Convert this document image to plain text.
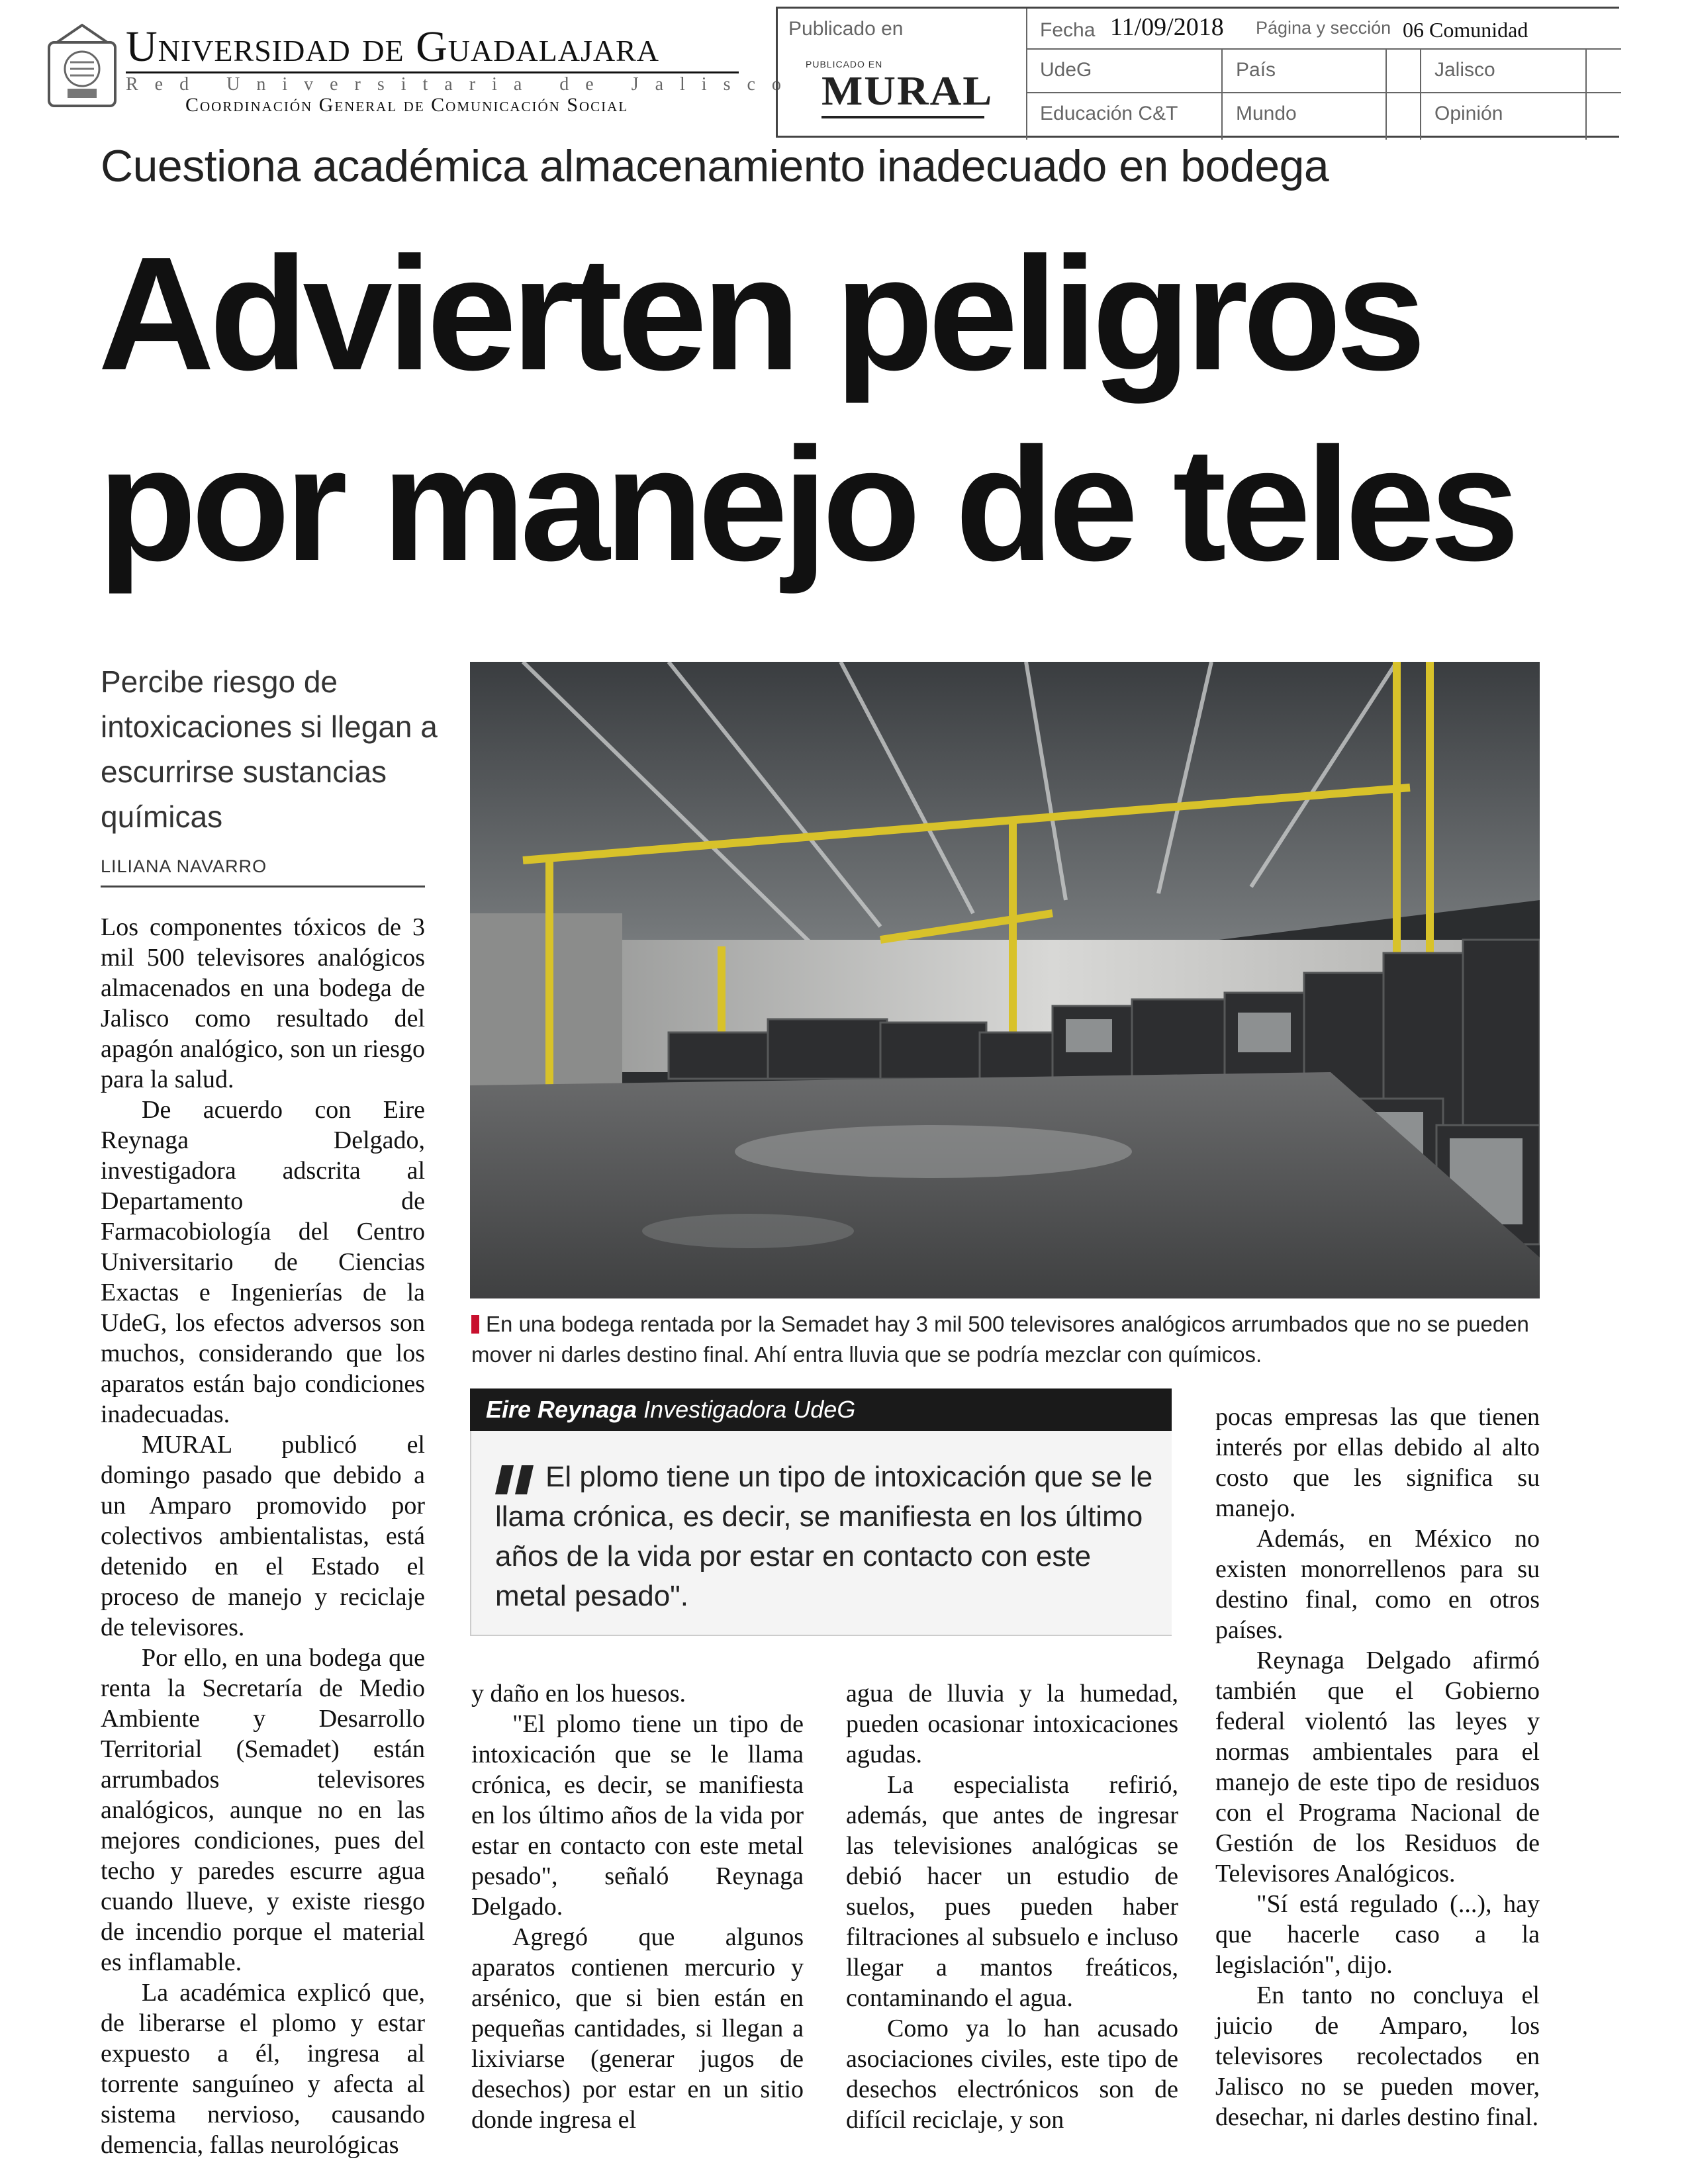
Universidad de Guadalajara
Red Universitaria de Jalisco
Coordinación General de Comunicación Social
Publicado en
PUBLICADO EN
MURAL
Fecha 11/09/2018 Página y sección 06 Comunidad
UdeG	País	Jalisco
Educación C&T	Mundo	Opinión
Cuestiona académica almacenamiento inadecuado en bodega
Advierten peligros
por manejo de teles
Percibe riesgo de intoxicaciones si llegan a escurrirse sustancias químicas
LILIANA NAVARRO
En una bodega rentada por la Semadet hay 3 mil 500 televisores analógicos arrumbados que no se pueden mover ni darles destino final. Ahí entra lluvia que se podría mezclar con químicos.

Los componentes tóxicos de 3 mil 500 televisores analógicos almacenados en una bodega de Jalisco como resultado del apagón analógico, son un riesgo para la salud.

De acuerdo con Eire Reynaga Delgado, investigadora adscrita al Departamento de Farmacobiología del Centro Universitario de Ciencias Exactas e Ingenierías de la UdeG, los efectos adversos son muchos, considerando que los aparatos están bajo condiciones inadecuadas.

MURAL publicó el domingo pasado que debido a un Amparo promovido por colectivos ambientalistas, está detenido en el Estado el proceso de manejo y reciclaje de televisores.

Por ello, en una bodega que renta la Secretaría de Medio Ambiente y Desarrollo Territorial (Semadet) están arrumbados televisores analógicos, aunque no en las mejores condiciones, pues del techo y paredes escurre agua cuando llueve, y existe riesgo de incendio porque el material es inflamable.

La académica explicó que, de liberarse el plomo y estar expuesto a él, ingresa al torrente sanguíneo y afecta al sistema nervioso, causando demencia, fallas neurológicas

Eire Reynaga Investigadora UdeG
El plomo tiene un tipo de intoxicación que se le llama crónica, es decir, se manifiesta en los último años de la vida por estar en contacto con este metal pesado".

y daño en los huesos.

"El plomo tiene un tipo de intoxicación que se le llama crónica, es decir, se manifiesta en los último años de la vida por estar en contacto con este metal pesado", señaló Reynaga Delgado.

Agregó que algunos aparatos contienen mercurio y arsénico, que si bien están en pequeñas cantidades, si llegan a lixiviarse (generar jugos de desechos) por estar en un sitio donde ingresa el

agua de lluvia y la humedad, pueden ocasionar intoxicaciones agudas.

La especialista refirió, además, que antes de ingresar las televisiones analógicas se debió hacer un estudio de suelos, pues pueden haber filtraciones al subsuelo e incluso llegar a mantos freáticos, contaminando el agua.

Como ya lo han acusado asociaciones civiles, este tipo de desechos electrónicos son de difícil reciclaje, y son

pocas empresas las que tienen interés por ellas debido al alto costo que les significa su manejo.

Además, en México no existen monorrellenos para su destino final, como en otros países.

Reynaga Delgado afirmó también que el Gobierno federal violentó las leyes y normas ambientales para el manejo de este tipo de residuos con el Programa Nacional de Gestión de los Residuos de Televisores Analógicos.

"Sí está regulado (...), hay que hacerle caso a la legislación", dijo.

En tanto no concluya el juicio de Amparo, los televisores recolectados en Jalisco no se pueden mover, desechar, ni darles destino final.
